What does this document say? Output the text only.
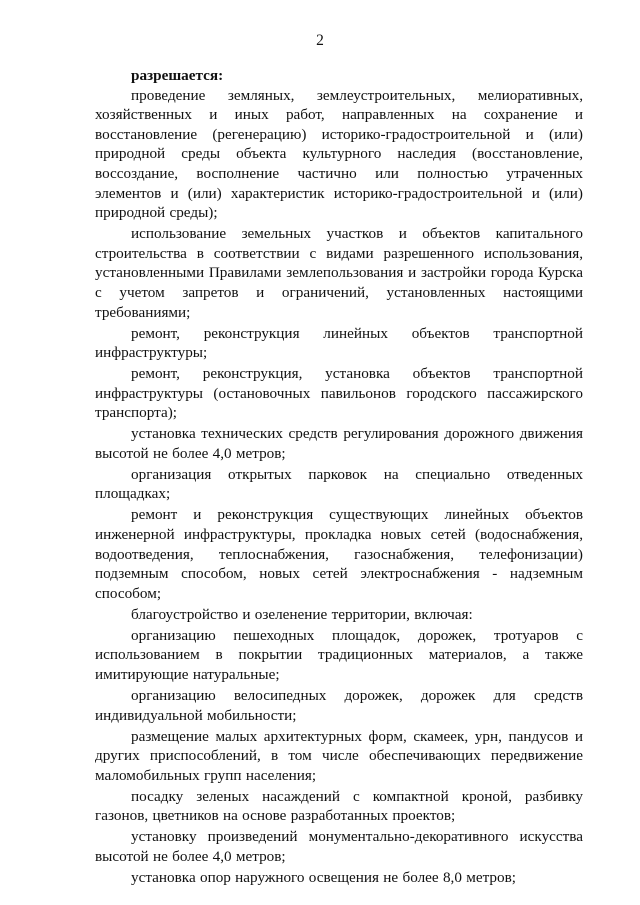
2

разрешается:

проведение земляных, землеустроительных, мелиоративных, хозяйственных и иных работ, направленных на сохранение и восстановление (регенерацию) историко-градостроительной и (или) природной среды объекта культурного наследия (восстановление, воссоздание, восполнение частично или полностью утраченных элементов и (или) характеристик историко-градостроительной и (или) природной среды);

использование земельных участков и объектов капитального строительства в соответствии с видами разрешенного использования, установленными Правилами землепользования и застройки города Курска с учетом запретов и ограничений, установленных настоящими требованиями;

ремонт, реконструкция линейных объектов транспортной инфраструктуры;

ремонт, реконструкция, установка объектов транспортной инфраструктуры (остановочных павильонов городского пассажирского транспорта);

установка технических средств регулирования дорожного движения высотой не более 4,0 метров;

организация открытых парковок на специально отведенных площадках;

ремонт и реконструкция существующих линейных объектов инженерной инфраструктуры, прокладка новых сетей (водоснабжения, водоотведения, теплоснабжения, газоснабжения, телефонизации) подземным способом, новых сетей электроснабжения - надземным способом;

благоустройство и озеленение территории, включая:

организацию пешеходных площадок, дорожек, тротуаров с использованием в покрытии традиционных материалов, а также имитирующие натуральные;

организацию велосипедных дорожек, дорожек для средств индивидуальной мобильности;

размещение малых архитектурных форм, скамеек, урн, пандусов и других приспособлений, в том числе обеспечивающих передвижение маломобильных групп населения;

посадку зеленых насаждений с компактной кроной, разбивку газонов, цветников на основе разработанных проектов;

установку произведений монументально-декоративного искусства высотой не более 4,0 метров;

установка опор наружного освещения не более 8,0 метров;
